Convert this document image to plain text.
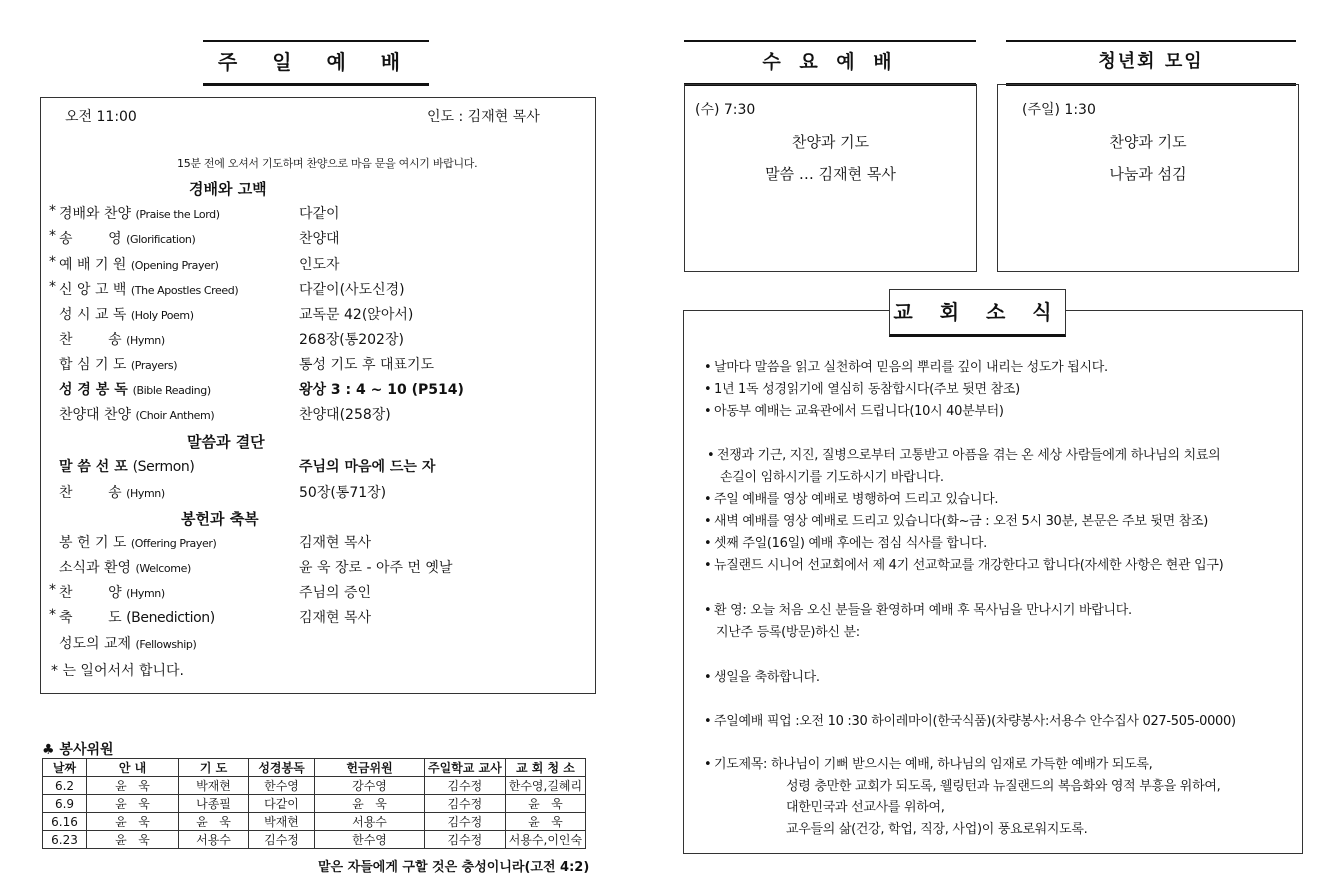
주 일 예 배
오전 11:00	인도 : 김재현 목사
15분 전에 오셔서 기도하며 찬양으로 마음 문을 여시기 바랍니다.
경배와 고백
말씀과 결단
봉헌과 축복
* 는 일어서서 합니다.
* 경배와 찬양 (Praise the Lord)	다같이
* 송        영 (Glorification)	찬양대
* 예 배 기 원 (Opening Prayer)	인도자
* 신 앙 고 백 (The Apostles Creed)	다같이(사도신경)
성 시 교 독 (Holy Poem)	교독문 42(앉아서)
찬        송 (Hymn)	268장(통202장)
합 심 기 도 (Prayers)	통성 기도 후 대표기도
성 경 봉 독 (Bible Reading)	왕상 3 : 4 ~ 10 (P514)
찬양대 찬양 (Choir Anthem)	찬양대(258장)
말 씀 선 포 (Sermon)	주님의 마음에 드는 자
찬        송 (Hymn)	50장(통71장)
봉 헌 기 도 (Offering Prayer)	김재현 목사
소식과 환영 (Welcome)	윤 욱 장로 - 아주 먼 옛날
* 찬        양 (Hymn)	주님의 증인
* 축        도 (Benediction)	김재현 목사
성도의 교제 (Fellowship)
♣ 봉사위원
날짜	안 내	기 도	성경봉독	헌금위원	주일학교 교사	교 회 청 소
6.2	윤   욱	박재현	한수영	강수영	김수정	한수영,길혜리
6.9	윤   욱	나종필	다같이	윤   욱	김수정	윤   욱
6.16	윤   욱	윤   욱	박재현	서용수	김수정	윤   욱
6.23	윤   욱	서용수	김수정	한수영	김수정	서용수,이인숙
맡은 자들에게 구할 것은 충성이니라(고전 4:2)
수 요 예 배
(수) 7:30
찬양과 기도
말씀 … 김재현 목사
청년회 모임
(주일) 1:30
찬양과 기도
나눔과 섬김
교 회 소 식
• 날마다 말씀을 읽고 실천하여 믿음의 뿌리를 깊이 내리는 성도가 됩시다.
• 1년 1독 성경읽기에 열심히 동참합시다(주보 뒷면 참조)
• 아동부 예배는 교육관에서 드립니다(10시 40분부터)
• 전쟁과 기근, 지진, 질병으로부터 고통받고 아픔을 겪는 온 세상 사람들에게 하나님의 치료의
손길이 임하시기를 기도하시기 바랍니다.
• 주일 예배를 영상 예배로 병행하여 드리고 있습니다.
• 새벽 예배를 영상 예배로 드리고 있습니다(화~금 : 오전 5시 30분, 본문은 주보 뒷면 참조)
• 셋째 주일(16일) 예배 후에는 점심 식사를 합니다.
• 뉴질랜드 시니어 선교회에서 제 4기 선교학교를 개강한다고 합니다(자세한 사항은 현관 입구)
• 환 영: 오늘 처음 오신 분들을 환영하며 예배 후 목사님을 만나시기 바랍니다.
지난주 등록(방문)하신 분:
• 생일을 축하합니다.
• 주일예배 픽업 :오전 10 :30 하이레마이(한국식품)(차량봉사:서용수 안수집사 027-505-0000)
• 기도제목: 하나님이 기뻐 받으시는 예배, 하나님의 임재로 가득한 예배가 되도록,
성령 충만한 교회가 되도록, 웰링턴과 뉴질랜드의 복음화와 영적 부흥을 위하여,
대한민국과 선교사를 위하여,
교우들의 삶(건강, 학업, 직장, 사업)이 풍요로워지도록.
